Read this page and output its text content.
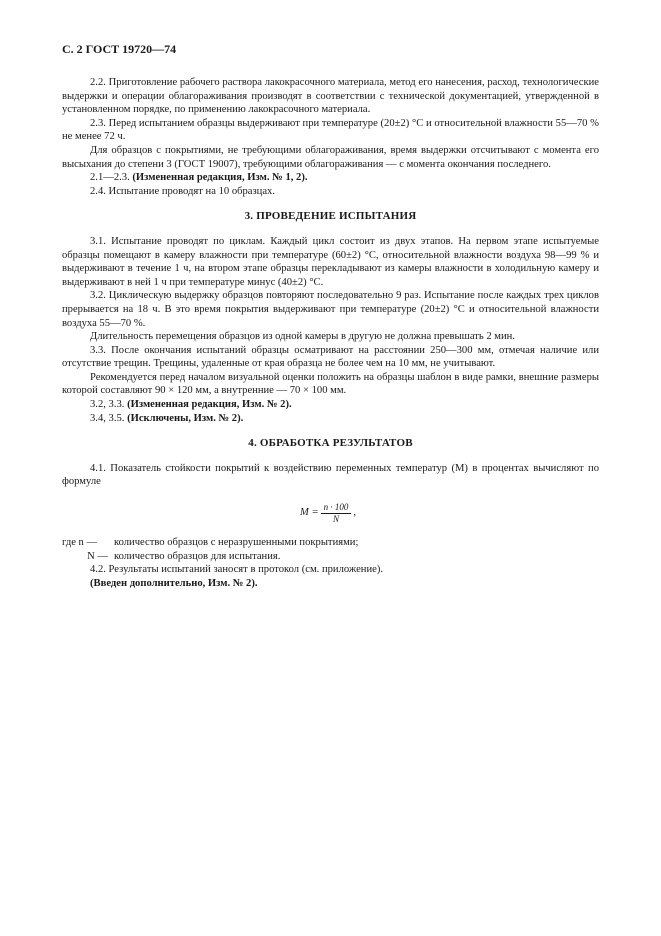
С. 2 ГОСТ 19720—74

2.2. Приготовление рабочего раствора лакокрасочного материала, метод его нанесения, расход, технологические выдержки и операции облагораживания производят в соответствии с технической документацией, утвержденной в установленном порядке, по применению лакокрасочного материала.

2.3. Перед испытанием образцы выдерживают при температуре (20±2) °С и относительной влажности 55—70 % не менее 72 ч.

Для образцов с покрытиями, не требующими облагораживания, время выдержки отсчитывают с момента его высыхания до степени 3 (ГОСТ 19007), требующими облагораживания — с момента окончания последнего.

2.1—2.3. (Измененная редакция, Изм. № 1, 2).

2.4. Испытание проводят на 10 образцах.

3. ПРОВЕДЕНИЕ ИСПЫТАНИЯ

3.1. Испытание проводят по циклам. Каждый цикл состоит из двух этапов. На первом этапе испытуемые образцы помещают в камеру влажности при температуре (60±2) °С, относительной влажности воздуха 98—99 % и выдерживают в течение 1 ч, на втором этапе образцы перекладывают из камеры влажности в холодильную камеру и выдерживают в ней 1 ч при температуре минус (40±2) °С.

3.2. Циклическую выдержку образцов повторяют последовательно 9 раз. Испытание после каждых трех циклов прерывается на 18 ч. В это время покрытия выдерживают при температуре (20±2) °С и относительной влажности воздуха 55—70 %.

Длительность перемещения образцов из одной камеры в другую не должна превышать 2 мин.

3.3. После окончания испытаний образцы осматривают на расстоянии 250—300 мм, отмечая наличие или отсутствие трещин. Трещины, удаленные от края образца не более чем на 10 мм, не учитывают.

Рекомендуется перед началом визуальной оценки положить на образцы шаблон в виде рамки, внешние размеры которой составляют 90 × 120 мм, а внутренние — 70 × 100 мм.

3.2, 3.3. (Измененная редакция, Изм. № 2).

3.4, 3.5. (Исключены, Изм. № 2).

4. ОБРАБОТКА РЕЗУЛЬТАТОВ

4.1. Показатель стойкости покрытий к воздействию переменных температур (M) в процентах вычисляют по формуле

$M = \frac{n \cdot 100}{N}$ ,
где n —	количество образцов с неразрушенными покрытиями;
N — количество образцов для испытания.

4.2. Результаты испытаний заносят в протокол (см. приложение).

(Введен дополнительно, Изм. № 2).
